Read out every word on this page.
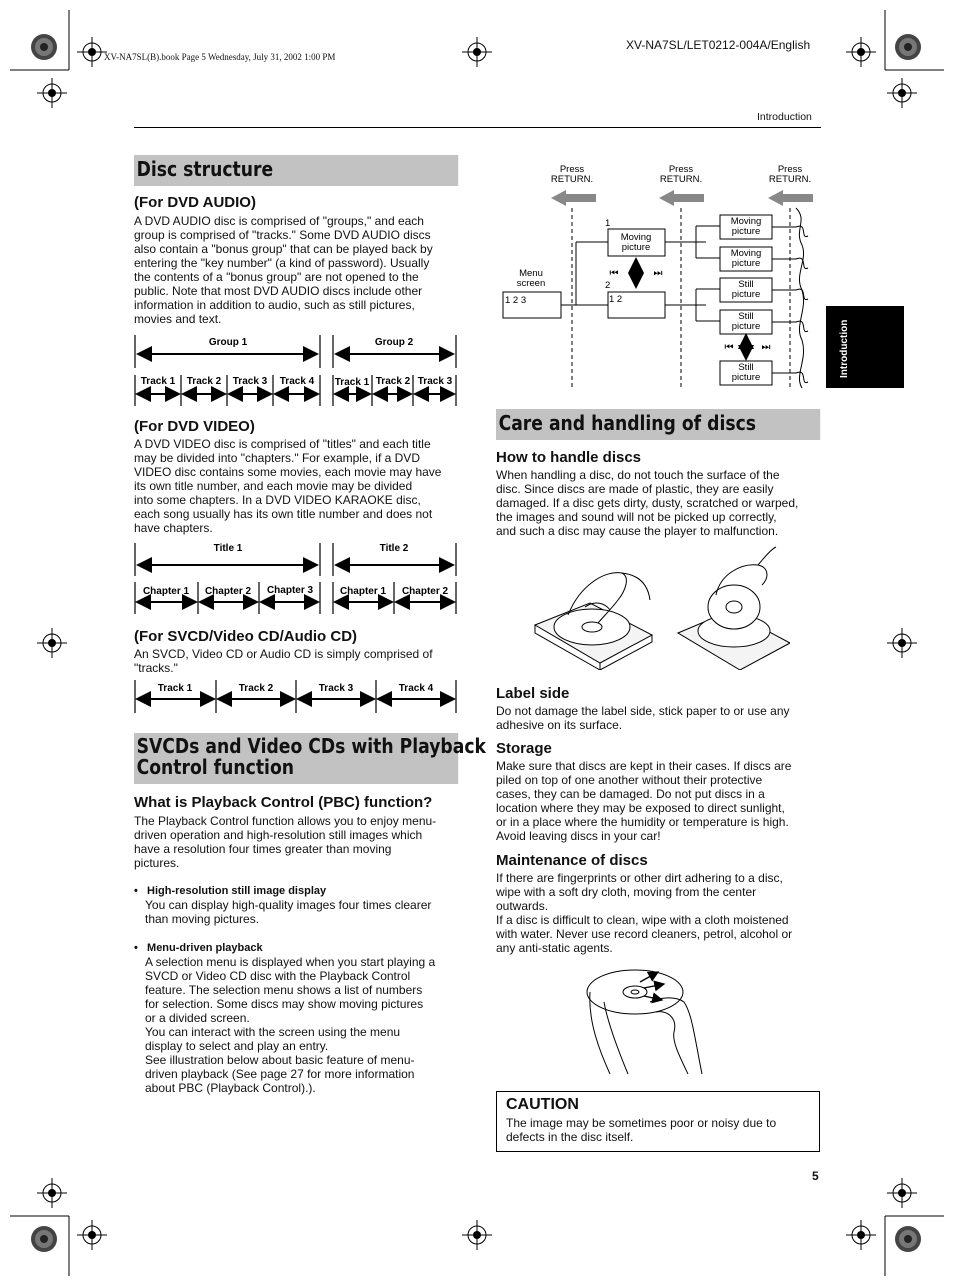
XV-NA7SL(B).book Page 5 Wednesday, July 31, 2002 1:00 PM
XV-NA7SL/LET0212-004A/English
Introduction
Introduction
Disc structure
(For DVD AUDIO)
A DVD AUDIO disc is comprised of "groups," and each
group is comprised of "tracks." Some DVD AUDIO discs
also contain a "bonus group" that can be played back by
entering the "key number" (a kind of password). Usually
the contents of a "bonus group" are not opened to the
public. Note that most DVD AUDIO discs include other
information in addition to audio, such as still pictures,
movies and text.
Group 1	Group 2
Track 1 Track 2 Track 3 Track 4 Track 1 Track 2 Track 3
(For DVD VIDEO)
A DVD VIDEO disc is comprised of "titles" and each title
may be divided into "chapters." For example, if a DVD
VIDEO disc contains some movies, each movie may have
its own title number, and each movie may be divided
into some chapters. In a DVD VIDEO KARAOKE disc,
each song usually has its own title number and does not
have chapters.
Title 1	Title 2
Chapter 1 Chapter 2 Chapter 3	Chapter 1 Chapter 2
(For SVCD/Video CD/Audio CD)
An SVCD, Video CD or Audio CD is simply comprised of
"tracks."
Track 1	Track 2	Track 3	Track 4
SVCDs and Video CDs with Playback
Control function
What is Playback Control (PBC) function?
The Playback Control function allows you to enjoy menu-
driven operation and high-resolution still images which
have a resolution four times greater than moving
pictures.
•   High-resolution still image display
You can display high-quality images four times clearer
than moving pictures.
•   Menu-driven playback
A selection menu is displayed when you start playing a
SVCD or Video CD disc with the Playback Control
feature. The selection menu shows a list of numbers
for selection. Some discs may show moving pictures
or a divided screen.
You can interact with the screen using the menu
display to select and play an entry.
See illustration below about basic feature of menu-
driven playback (See page 27 for more information
about PBC (Playback Control).).
Press
RETURN.
Press
RETURN.
Press
RETURN.
Menu
screen
1 2 3
1
Moving
picture
⏮	⏭
2
1 2
Moving
picture
Moving
picture
Still
picture
Still
picture
Still
picture
⏮	⏭
Care and handling of discs
How to handle discs
When handling a disc, do not touch the surface of the
disc. Since discs are made of plastic, they are easily
damaged. If a disc gets dirty, dusty, scratched or warped,
the images and sound will not be picked up correctly,
and such a disc may cause the player to malfunction.
Label side
Do not damage the label side, stick paper to or use any
adhesive on its surface.
Storage
Make sure that discs are kept in their cases. If discs are
piled on top of one another without their protective
cases, they can be damaged. Do not put discs in a
location where they may be exposed to direct sunlight,
or in a place where the humidity or temperature is high.
Avoid leaving discs in your car!
Maintenance of discs
If there are fingerprints or other dirt adhering to a disc,
wipe with a soft dry cloth, moving from the center
outwards.
If a disc is difficult to clean, wipe with a cloth moistened
with water. Never use record cleaners, petrol, alcohol or
any anti-static agents.
CAUTION
The image may be sometimes poor or noisy due to
defects in the disc itself.
5
